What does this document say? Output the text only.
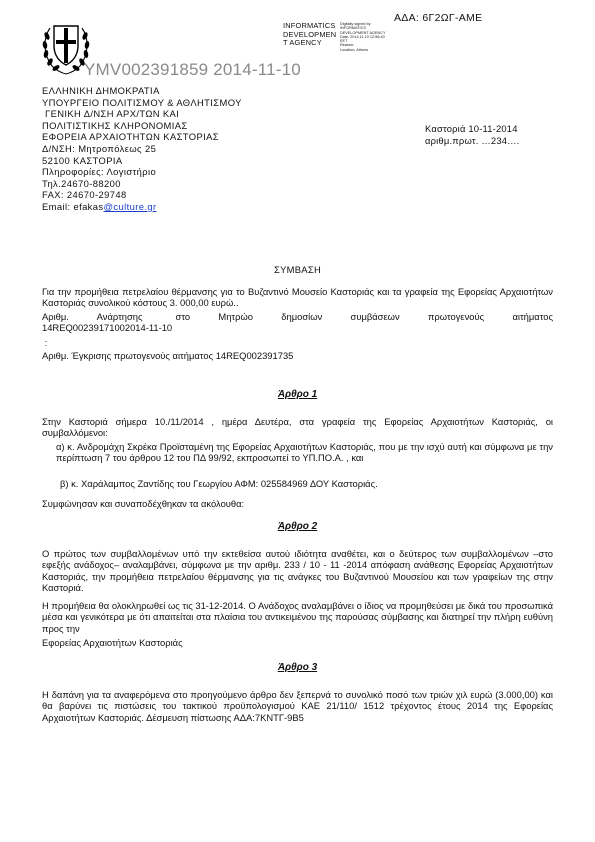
ΑΔΑ: 6Γ2ΩΓ-ΑΜΕ
INFORMATICS
DEVELOPMEN
T AGENCY
Digitally signed by
INFORMATICS
DEVELOPMENT AGENCY
Date: 2014.11.10 12:56:40
EET
Reason:
Location: Athens
ΥΜV002391859 2014-11-10
ΕΛΛΗΝΙΚΗ ΔΗΜΟΚΡΑΤΙΑ
ΥΠΟΥΡΓΕΙΟ ΠΟΛΙΤΙΣΜΟΥ & ΑΘΛΗΤΙΣΜΟΥ
ΓΕΝΙΚΗ Δ/ΝΣΗ ΑΡΧ/ΤΩΝ ΚΑΙ
ΠΟΛΙΤΙΣΤΙΚΗΣ ΚΛΗΡΟΝΟΜΙΑΣ
ΕΦΟΡΕΙΑ ΑΡΧΑΙΟΤΗΤΩΝ ΚΑΣΤΟΡΙΑΣ
Δ/ΝΣΗ: Μητροπόλεως 25
52100 ΚΑΣΤΟΡΙΑ
Πληροφορίες: Λογιστήριο
Τηλ.24670-88200
FAX: 24670-29748
Email: efakas@culture.gr
Καστοριά 10-11-2014
αριθμ.πρωτ. …234….
ΣΥΜΒΑΣΗ
Για την προμήθεια πετρελαίου θέρμανσης για το Βυζαντινό Μουσείο Καστοριάς και τα γραφεία της Εφορείας Αρχαιοτήτων Καστοριάς συνολικού κόστους 3. 000,00 ευρώ..
Αριθμ.      Ανάρτησης       στο      Μητρώο      δημοσίων      συμβάσεων      πρωτογενούς      αιτήματος 14REQ00239171002014-11-10
:
Αριθμ. Έγκρισης πρωτογενούς αιτήματος 14REQ002391735
Άρθρο 1
Στην Καστοριά σήμερα 10./11/2014 , ημέρα Δευτέρα, στα γραφεία της Εφορείας Αρχαιοτήτων Καστοριάς, οι συμβαλλόμενοι:
α) κ. Ανδρομάχη Σκρέκα Προϊσταμένη της Εφορείας Αρχαιοτήτων Καστοριάς, που με την ισχύ αυτή και σύμφωνα με την περίπτωση 7 του άρθρου 12 του ΠΔ 99/92, εκπροσωπεί το ΥΠ.ΠΟ.Α. , και
β) κ. Χαράλαμπος Ζαντίδης του Γεωργίου ΑΦΜ: 025584969 ΔΟΥ Καστοριάς.
Συμφώνησαν και συναποδέχθηκαν τα ακόλουθα:
Άρθρο 2
Ο πρώτος των συμβαλλομένων υπό την εκτεθείσα αυτού ιδιότητα αναθέτει, και ο δεύτερος των συμβαλλομένων –στο εφεξής ανάδοχος– αναλαμβάνει, σύμφωνα με την αριθμ. 233 / 10 - 11 -2014 απόφαση ανάθεσης Εφορείας Αρχαιοτήτων Καστοριάς, την προμήθεια πετρελαίου θέρμανσης για τις ανάγκες του Βυζαντινού Μουσείου και των γραφείων της στην Καστοριά.
Η προμήθεια θα ολοκληρωθεί ως τις 31-12-2014. Ο Ανάδοχος αναλαμβάνει ο ίδιος να προμηθεύσει με δικά του προσωπικά μέσα και γενικότερα με ότι απαιτείται στα πλαίσια του αντικειμένου της παρούσας σύμβασης και διατηρεί την πλήρη ευθύνη προς την
Εφορείας Αρχαιοτήτων Καστοριάς
Άρθρο 3
Η δαπάνη για τα αναφερόμενα στο προηγούμενο άρθρο δεν ξεπερνά το συνολικό ποσό των τριών χιλ ευρώ (3.000,00) και θα βαρύνει τις πιστώσεις του τακτικού προϋπολογισμού ΚΑΕ 21/110/ 1512 τρέχοντος έτους 2014 της Εφορείας Αρχαιοτήτων Καστοριάς. Δέσμευση πίστωσης ΑΔΑ:7ΚΝΤΓ-9Β5
